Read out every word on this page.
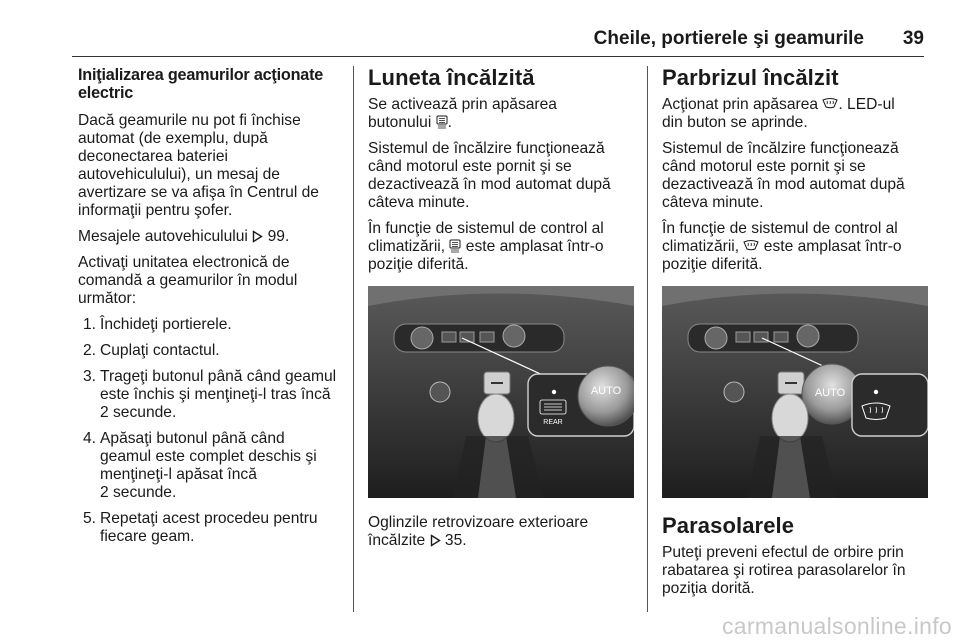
Cheile, portierele şi geamurile 39
Iniţializarea geamurilor acţionate electric

Dacă geamurile nu pot fi închise automat (de exemplu, după deconectarea bateriei autovehiculului), un mesaj de avertizare se va afişa în Centrul de informaţii pentru şofer.

Mesajele autovehiculului 99.

Activaţi unitatea electronică de comandă a geamurilor în modul următor:

1. Închideţi portierele.
2. Cuplaţi contactul.
3. Trageţi butonul până când geamul este închis şi menţineţi-l tras încă 2 secunde.
4. Apăsaţi butonul până când geamul este complet deschis şi menţineţi-l apăsat încă
2 secunde.
5. Repetaţi acest procedeu pentru fiecare geam.
Luneta încălzită

Se activează prin apăsarea
butonului .

Sistemul de încălzire funcţionează când motorul este pornit şi se dezactivează în mod automat după câteva minute.

În funcţie de sistemul de control al
climatizării, este amplasat într-o
poziţie diferită.

REAR
AUTO

Oglinzile retrovizoare exterioare
încălzite 35.

Parbrizul încălzit

Acţionat prin apăsarea . LED-ul
din buton se aprinde.

Sistemul de încălzire funcţionează când motorul este pornit şi se dezactivează în mod automat după câteva minute.

În funcţie de sistemul de control al
climatizării, este amplasat într-o
poziţie diferită.

AUTO
Parasolarele

Puteţi preveni efectul de orbire prin rabatarea şi rotirea parasolarelor în poziţia dorită.

carmanualsonline.info
